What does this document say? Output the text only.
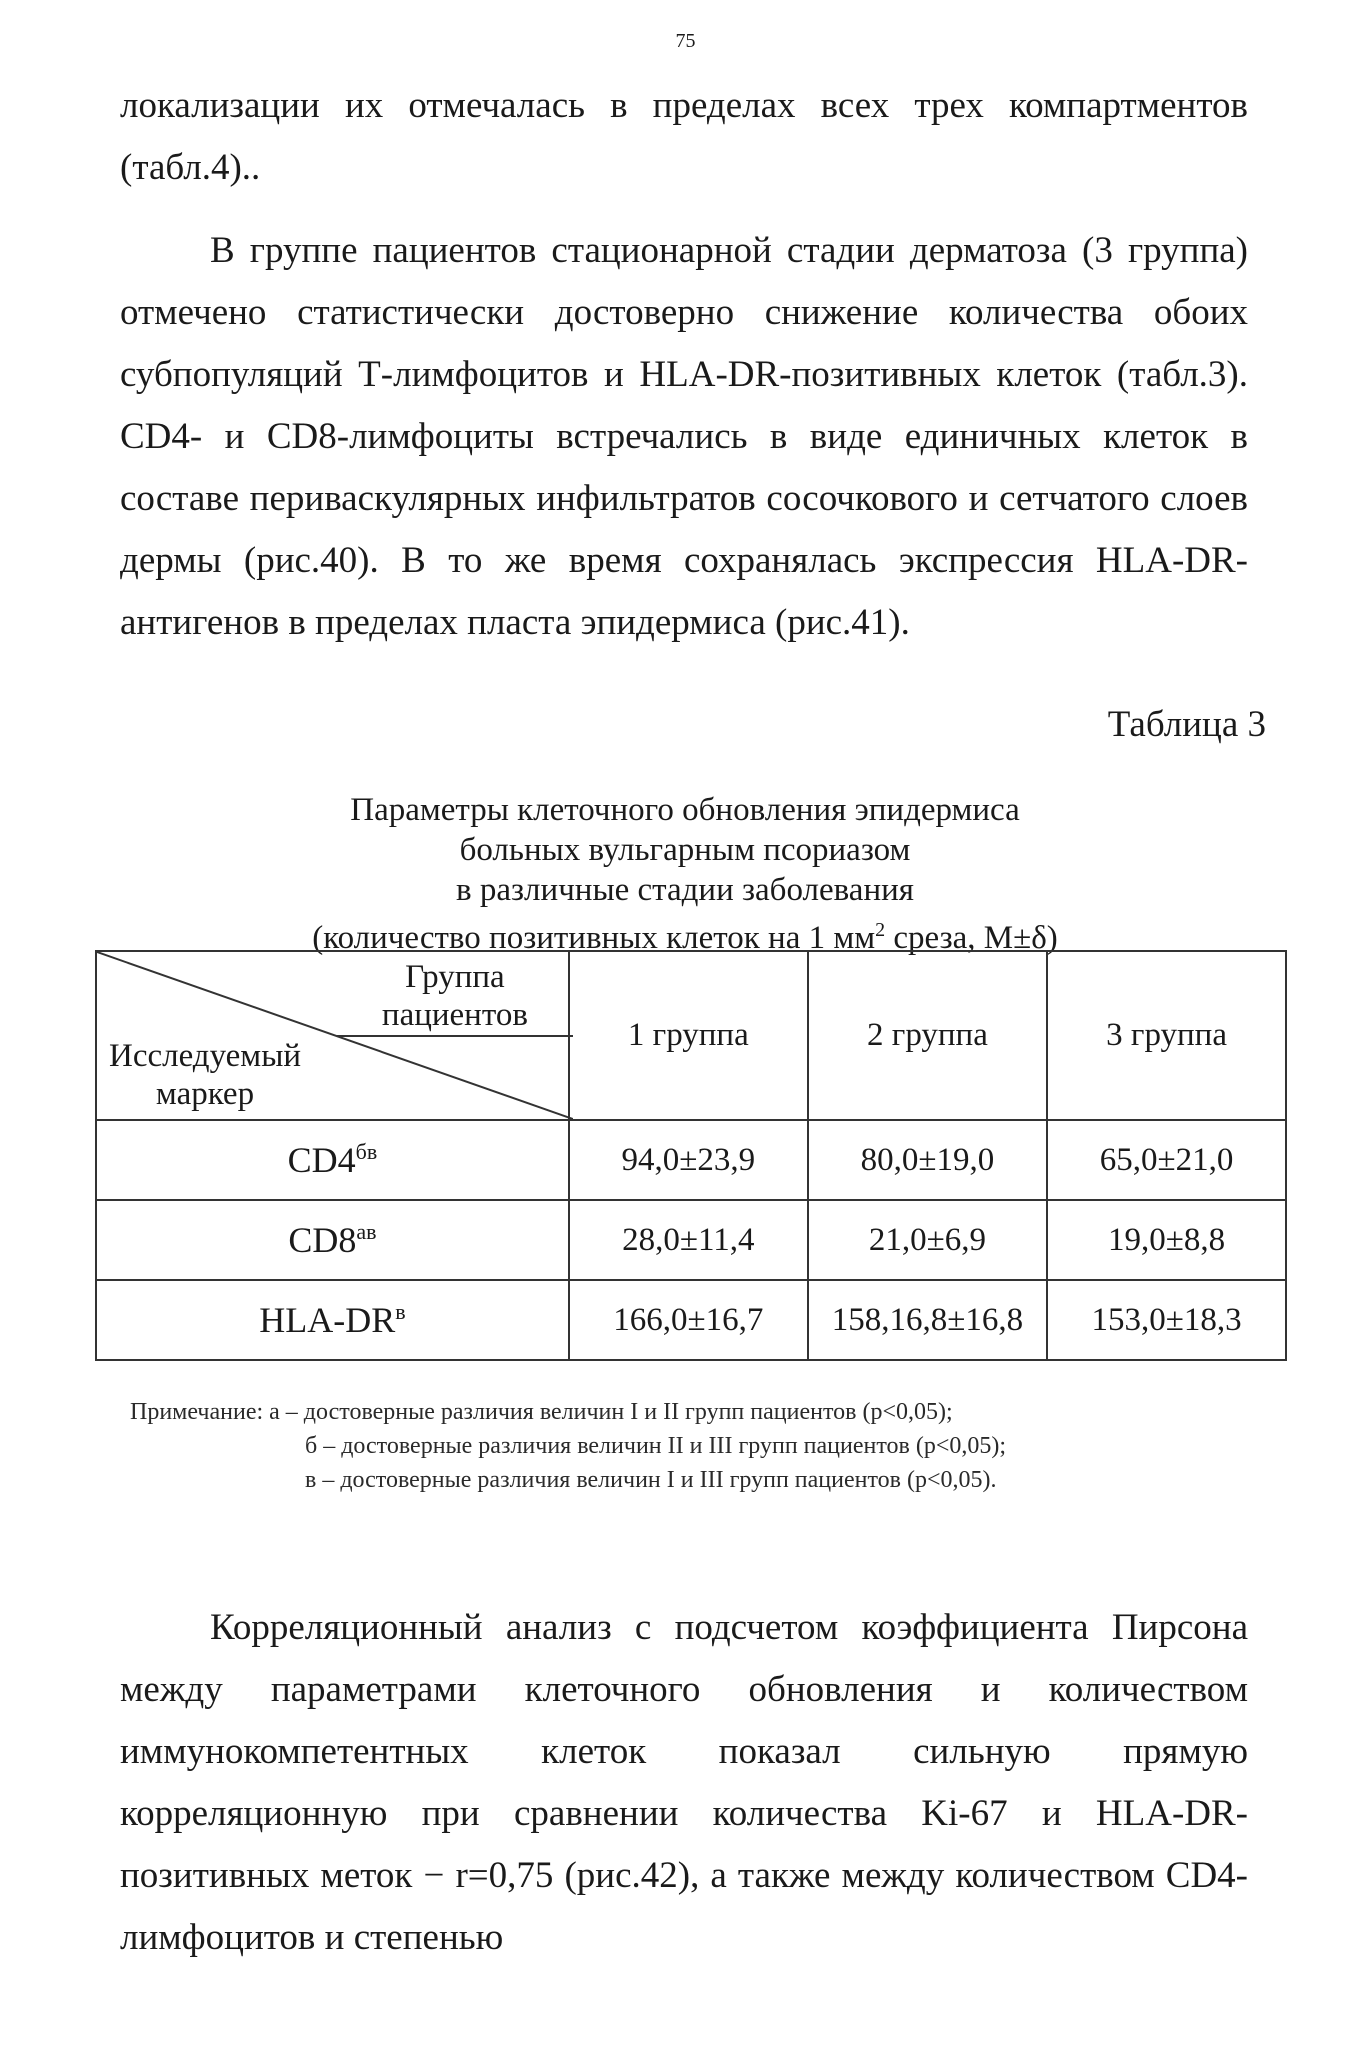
75

локализации их отмечалась в пределах всех трех компартментов (табл.4)..

В группе пациентов стационарной стадии дерматоза (3 группа) отмечено статистически достоверно снижение количества обоих субпопуляций Т-лимфоцитов и HLA-DR-позитивных клеток (табл.3). CD4- и CD8-лимфоциты встречались в виде единичных клеток в составе периваскулярных инфильтратов сосочкового и сетчатого слоев дермы (рис.40). В то же время сохранялась экспрессия HLA-DR-антигенов в пределах пласта эпидермиса (рис.41).

Таблица 3
Параметры клеточного обновления эпидермиса
больных вульгарным псориазом
в различные стадии заболевания
(количество позитивных клеток на 1 $мм^2$ среза, M±δ)
Группа
пациентов
Исследуемый
маркер	1 группа	2 группа	3 группа
$CD4^{бв}$	94,0±23,9	80,0±19,0	65,0±21,0
$CD8^{ав}$	28,0±11,4	21,0±6,9	19,0±8,8
HLA-$DR^в$	166,0±16,7	158,16,8±16,8	153,0±18,3
Примечание: а – достоверные различия величин I и II групп пациентов (p<0,05);
б – достоверные различия величин II и III групп пациентов (p<0,05);
в – достоверные различия величин I и III групп пациентов (p<0,05).

Корреляционный анализ с подсчетом коэффициента Пирсона между параметрами клеточного обновления и количеством иммунокомпетентных клеток показал сильную прямую корреляционную при сравнении количества Ki-67 и HLA-DR-позитивных меток − r=0,75 (рис.42), а также между количеством CD4-лимфоцитов и степенью
